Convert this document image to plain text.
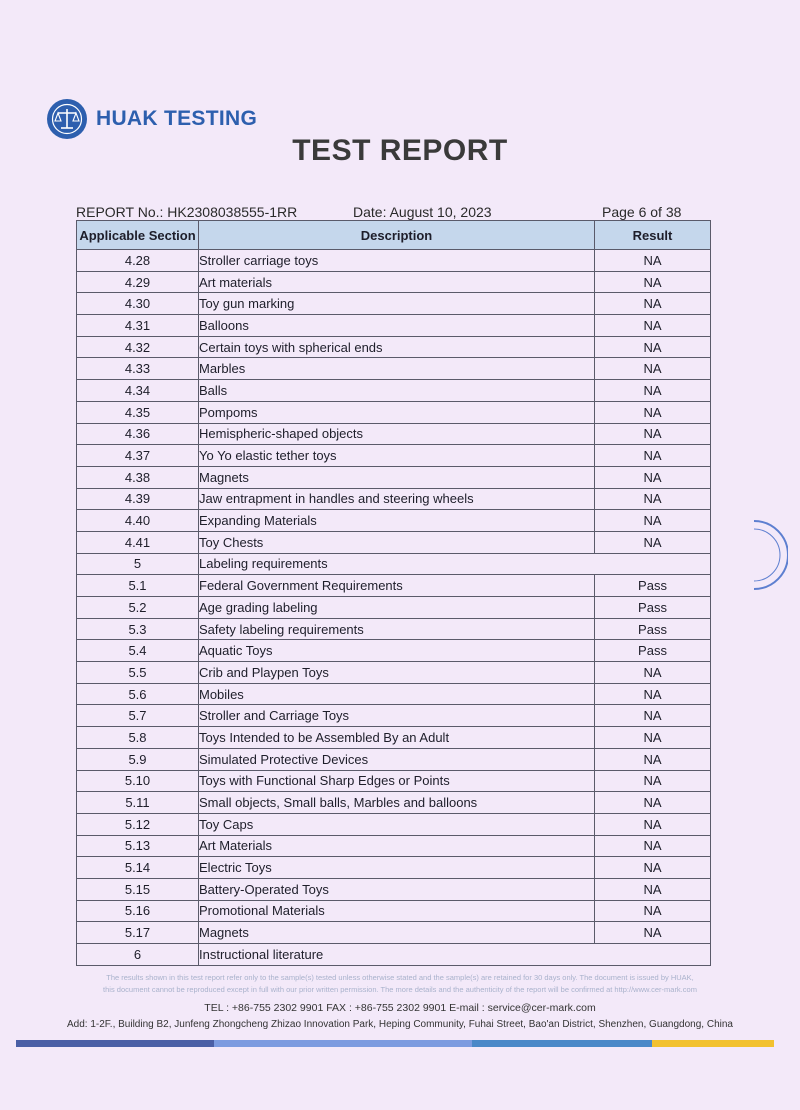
HUAK TESTING
TEST REPORT
REPORT No.: HK2308038555-1RR	Date: August 10, 2023	Page 6 of 38
Applicable Section	Description	Result
4.28	Stroller carriage toys	NA
4.29	Art materials	NA
4.30	Toy gun marking	NA
4.31	Balloons	NA
4.32	Certain toys with spherical ends	NA
4.33	Marbles	NA
4.34	Balls	NA
4.35	Pompoms	NA
4.36	Hemispheric-shaped objects	NA
4.37	Yo Yo elastic tether toys	NA
4.38	Magnets	NA
4.39	Jaw entrapment in handles and steering wheels	NA
4.40	Expanding Materials	NA
4.41	Toy Chests	NA
5	Labeling requirements	
5.1	Federal Government Requirements	Pass
5.2	Age grading labeling	Pass
5.3	Safety labeling requirements	Pass
5.4	Aquatic Toys	Pass
5.5	Crib and Playpen Toys	NA
5.6	Mobiles	NA
5.7	Stroller and Carriage Toys	NA
5.8	Toys Intended to be Assembled By an Adult	NA
5.9	Simulated Protective Devices	NA
5.10	Toys with Functional Sharp Edges or Points	NA
5.11	Small objects, Small balls, Marbles and balloons	NA
5.12	Toy Caps	NA
5.13	Art Materials	NA
5.14	Electric Toys	NA
5.15	Battery-Operated Toys	NA
5.16	Promotional Materials	NA
5.17	Magnets	NA
6	Instructional literature	
The results shown in this test report refer only to the sample(s) tested unless otherwise stated and the sample(s) are retained for 30 days only. The document is issued by HUAK,
this document cannot be reproduced except in full with our prior written permission. The more details and the authenticity of the report will be confirmed at http://www.cer-mark.com
TEL : +86-755 2302 9901 FAX : +86-755 2302 9901 E-mail : service@cer-mark.com
Add: 1-2F., Building B2, Junfeng Zhongcheng Zhizao Innovation Park, Heping Community, Fuhai Street, Bao'an District, Shenzhen, Guangdong, China
